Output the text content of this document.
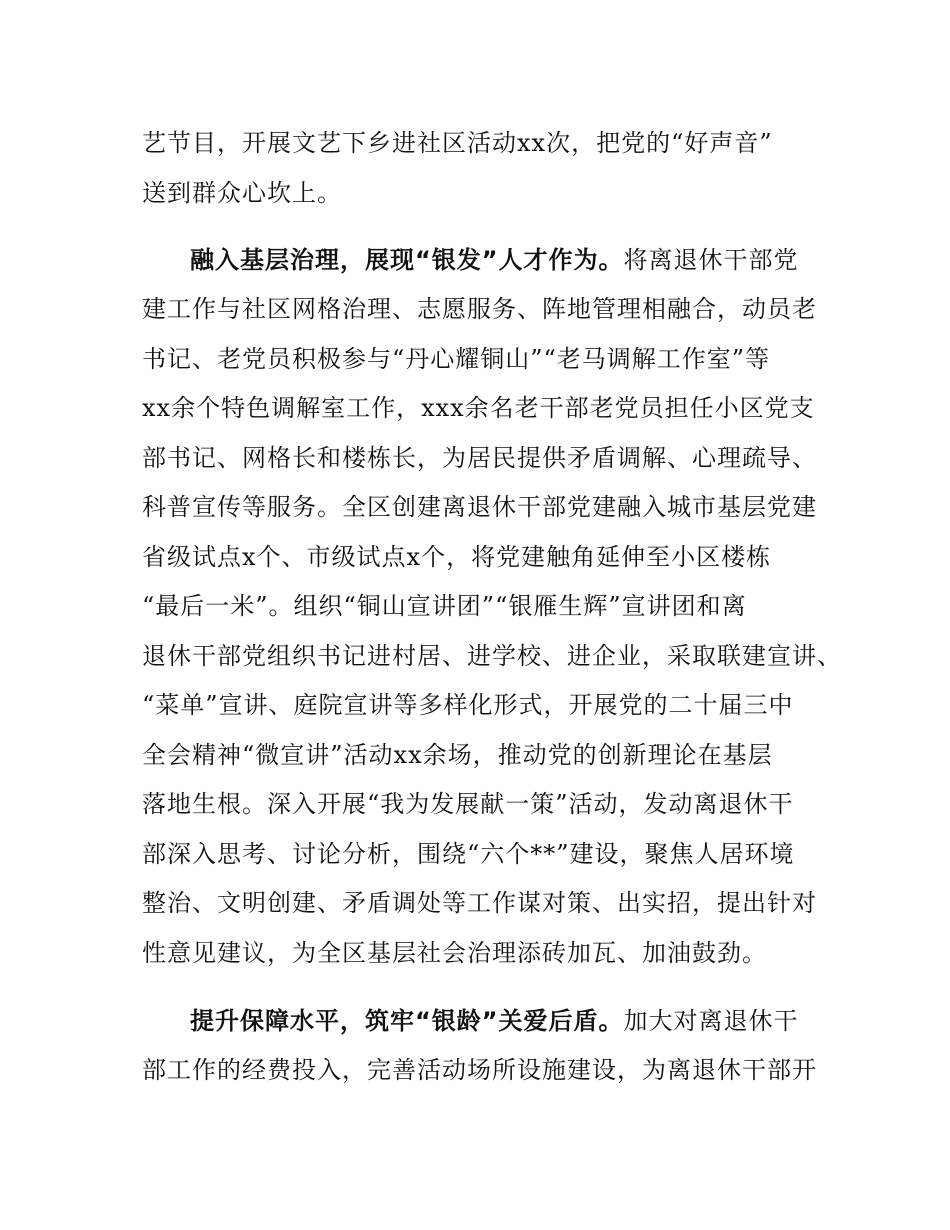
艺节目，开展文艺下乡进社区活动xx次，把党的“好声音”
送到群众心坎上。
融入基层治理，展现“银发”人才作为。将离退休干部党
建工作与社区网格治理、志愿服务、阵地管理相融合，动员老
书记、老党员积极参与“丹心耀铜山”“老马调解工作室”等
xx余个特色调解室工作，xxx余名老干部老党员担任小区党支
部书记、网格长和楼栋长，为居民提供矛盾调解、心理疏导、
科普宣传等服务。全区创建离退休干部党建融入城市基层党建
省级试点x个、市级试点x个，将党建触角延伸至小区楼栋
“最后一米”。组织“铜山宣讲团”“银雁生辉”宣讲团和离
退休干部党组织书记进村居、进学校、进企业，采取联建宣讲、
“菜单”宣讲、庭院宣讲等多样化形式，开展党的二十届三中
全会精神“微宣讲”活动xx余场，推动党的创新理论在基层
落地生根。深入开展“我为发展献一策”活动，发动离退休干
部深入思考、讨论分析，围绕“六个**”建设，聚焦人居环境
整治、文明创建、矛盾调处等工作谋对策、出实招，提出针对
性意见建议，为全区基层社会治理添砖加瓦、加油鼓劲。
提升保障水平，筑牢“银龄”关爱后盾。加大对离退休干
部工作的经费投入，完善活动场所设施建设，为离退休干部开
